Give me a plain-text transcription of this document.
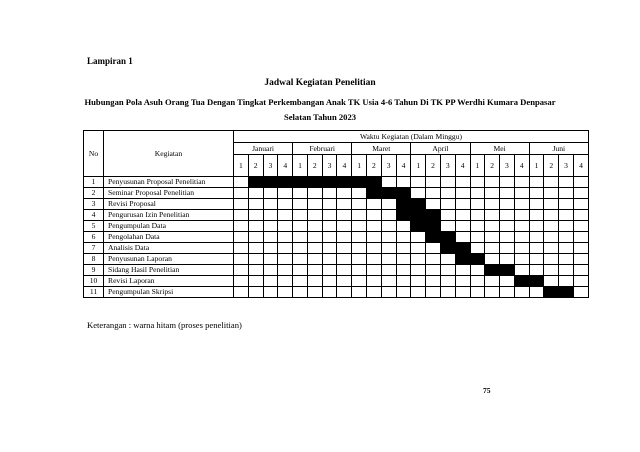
Lampiran 1
Jadwal Kegiatan Penelitian
Hubungan Pola Asuh Orang Tua Dengan Tingkat Perkembangan Anak TK Usia 4-6 Tahun Di TK PP Werdhi Kumara Denpasar
Selatan Tahun 2023
No	Kegiatan	Waktu Kegiatan (Dalam Minggu)																							
		Januari				Februari				Maret				April				Mei				Juni			
		1	2	3	4	1	2	3	4	1	2	3	4	1	2	3	4	1	2	3	4	1	2	3	4
1	Penyusunan Proposal Penelitian																								
2	Seminar Proposal Penelitian																								
3	Revisi Proposal																								
4	Pengurusan Izin Penelitian																								
5	Pengumpulan Data																								
6	Pengolahan Data																								
7	Analisis Data																								
8	Penyusunan Laporan																								
9	Sidang Hasil Penelitian																								
10	Revisi Laporan																								
11	Pengumpulan Skripsi																								
Keterangan : warna hitam (proses penelitian)
75
